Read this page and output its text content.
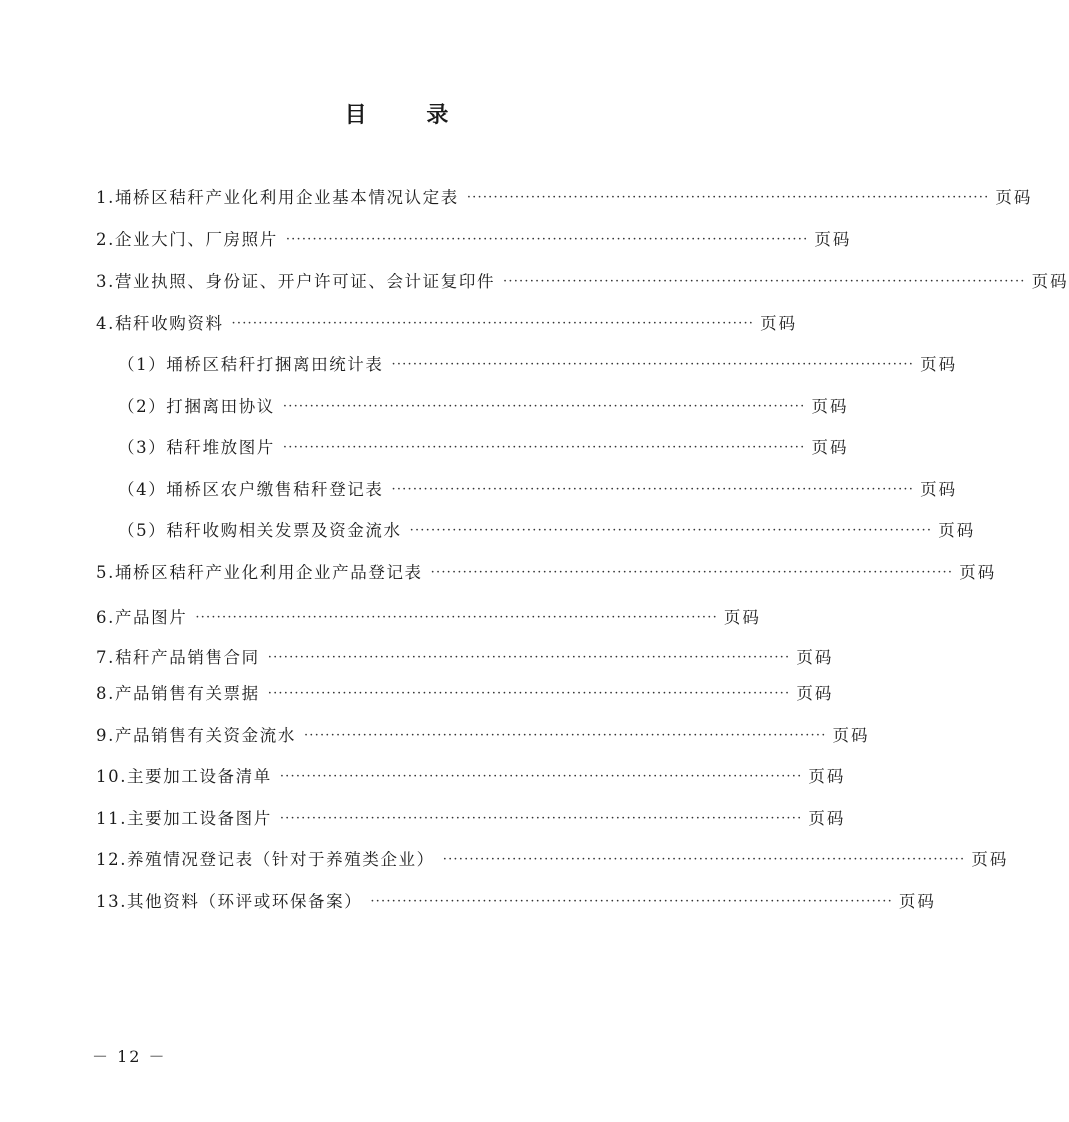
目 录
1.埇桥区秸秆产业化利用企业基本情况认定表 ·································································································· 页码
2.企业大门、厂房照片 ·································································································· 页码
3.营业执照、身份证、开户许可证、会计证复印件 ·································································································· 页码
4.秸秆收购资料 ·································································································· 页码
（1）埇桥区秸秆打捆离田统计表 ·································································································· 页码
（2）打捆离田协议 ·································································································· 页码
（3）秸秆堆放图片 ·································································································· 页码
（4）埇桥区农户缴售秸秆登记表 ·································································································· 页码
（5）秸秆收购相关发票及资金流水 ·································································································· 页码
5.埇桥区秸秆产业化利用企业产品登记表 ·································································································· 页码
6.产品图片 ·································································································· 页码
7.秸秆产品销售合同 ·································································································· 页码
8.产品销售有关票据 ·································································································· 页码
9.产品销售有关资金流水 ·································································································· 页码
10.主要加工设备清单 ·································································································· 页码
11.主要加工设备图片 ·································································································· 页码
12.养殖情况登记表（针对于养殖类企业） ·································································································· 页码
13.其他资料（环评或环保备案） ·································································································· 页码
－ 12 －
